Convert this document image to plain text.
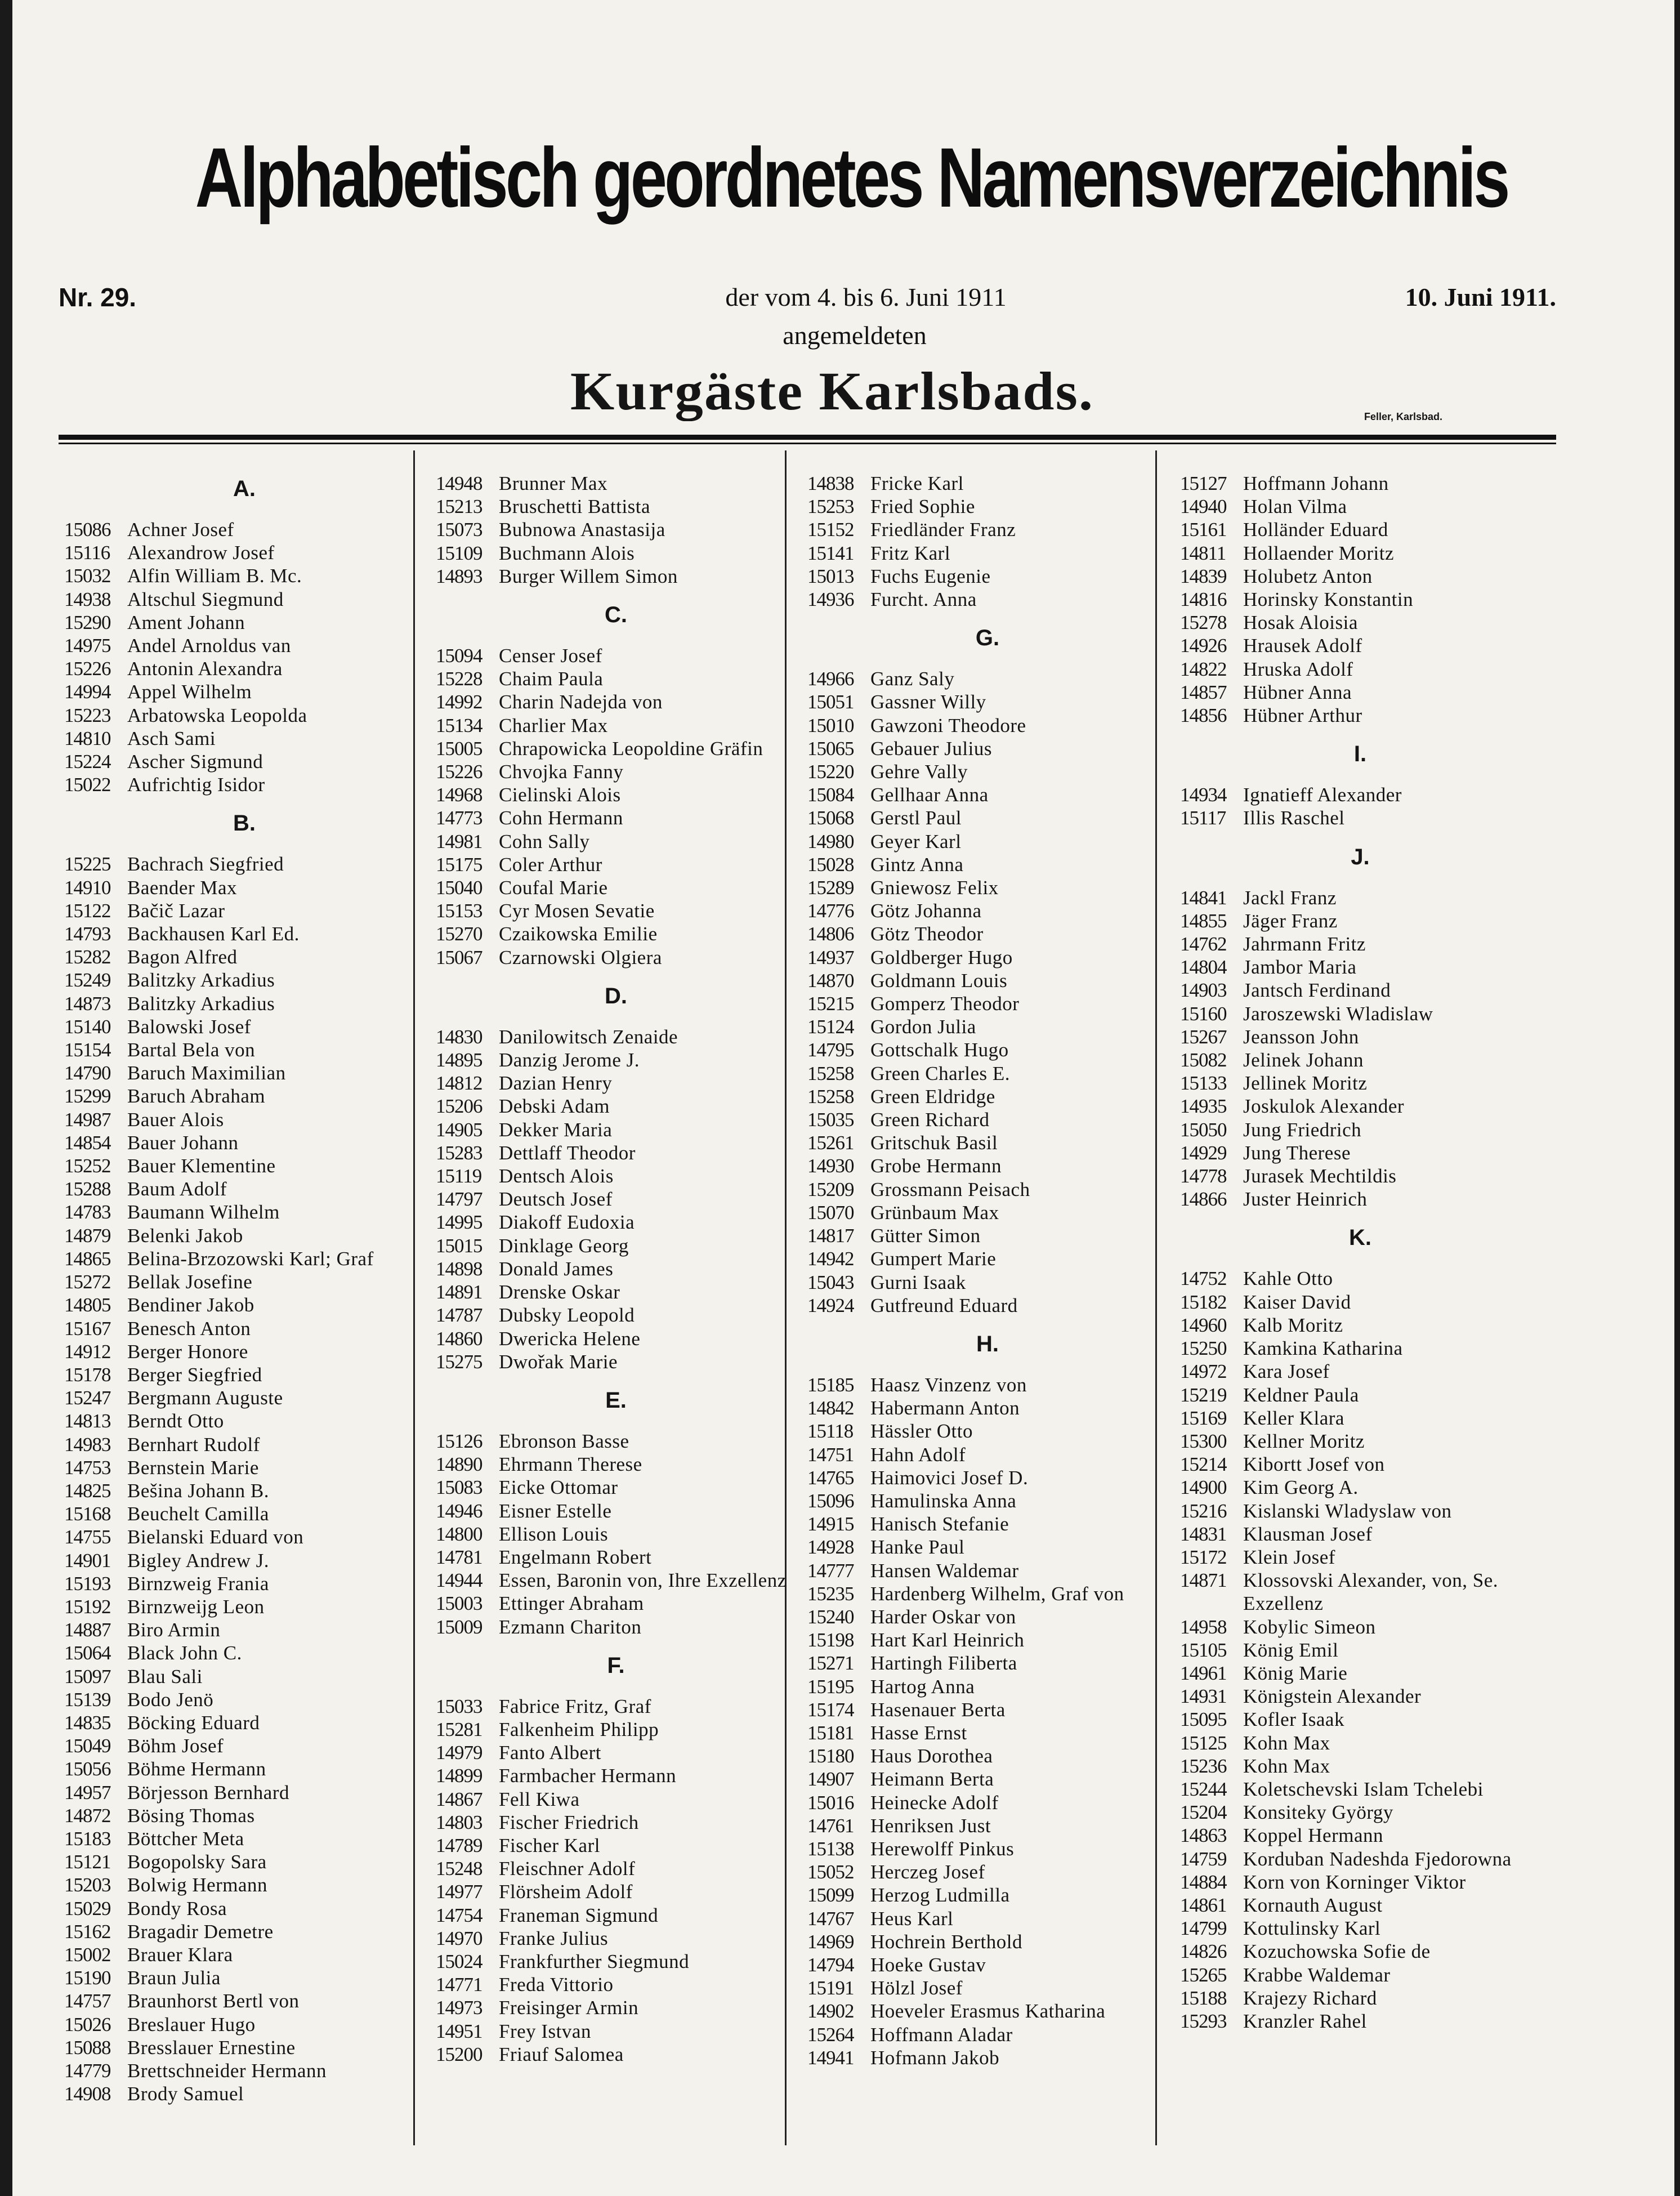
Alphabetisch geordnetes Namensverzeichnis
Nr. 29.	der vom 4. bis 6. Juni 1911	10. Juni 1911.
angemeldeten
Kurgäste Karlsbads.	Feller, Karlsbad.
A.
15086 Achner Josef
15116 Alexandrow Josef
15032 Alfin William B. Mc.
14938 Altschul Siegmund
15290 Ament Johann
14975 Andel Arnoldus van
15226 Antonin Alexandra
14994 Appel Wilhelm
15223 Arbatowska Leopolda
14810 Asch Sami
15224 Ascher Sigmund
15022 Aufrichtig Isidor
B.
15225 Bachrach Siegfried
14910 Baender Max
15122 Bačič Lazar
14793 Backhausen Karl Ed.
15282 Bagon Alfred
15249 Balitzky Arkadius
14873 Balitzky Arkadius
15140 Balowski Josef
15154 Bartal Bela von
14790 Baruch Maximilian
15299 Baruch Abraham
14987 Bauer Alois
14854 Bauer Johann
15252 Bauer Klementine
15288 Baum Adolf
14783 Baumann Wilhelm
14879 Belenki Jakob
14865 Belina-Brzozowski Karl; Graf
15272 Bellak Josefine
14805 Bendiner Jakob
15167 Benesch Anton
14912 Berger Honore
15178 Berger Siegfried
15247 Bergmann Auguste
14813 Berndt Otto
14983 Bernhart Rudolf
14753 Bernstein Marie
14825 Bešina Johann B.
15168 Beuchelt Camilla
14755 Bielanski Eduard von
14901 Bigley Andrew J.
15193 Birnzweig Frania
15192 Birnzweijg Leon
14887 Biro Armin
15064 Black John C.
15097 Blau Sali
15139 Bodo Jenö
14835 Böcking Eduard
15049 Böhm Josef
15056 Böhme Hermann
14957 Börjesson Bernhard
14872 Bösing Thomas
15183 Böttcher Meta
15121 Bogopolsky Sara
15203 Bolwig Hermann
15029 Bondy Rosa
15162 Bragadir Demetre
15002 Brauer Klara
15190 Braun Julia
14757 Braunhorst Bertl von
15026 Breslauer Hugo
15088 Bresslauer Ernestine
14779 Brettschneider Hermann
14908 Brody Samuel
14948 Brunner Max
15213 Bruschetti Battista
15073 Bubnowa Anastasija
15109 Buchmann Alois
14893 Burger Willem Simon
C.
15094 Censer Josef
15228 Chaim Paula
14992 Charin Nadejda von
15134 Charlier Max
15005 Chrapowicka Leopoldine Gräfin
15226 Chvojka Fanny
14968 Cielinski Alois
14773 Cohn Hermann
14981 Cohn Sally
15175 Coler Arthur
15040 Coufal Marie
15153 Cyr Mosen Sevatie
15270 Czaikowska Emilie
15067 Czarnowski Olgiera
D.
14830 Danilowitsch Zenaide
14895 Danzig Jerome J.
14812 Dazian Henry
15206 Debski Adam
14905 Dekker Maria
15283 Dettlaff Theodor
15119 Dentsch Alois
14797 Deutsch Josef
14995 Diakoff Eudoxia
15015 Dinklage Georg
14898 Donald James
14891 Drenske Oskar
14787 Dubsky Leopold
14860 Dwericka Helene
15275 Dwořak Marie
E.
15126 Ebronson Basse
14890 Ehrmann Therese
15083 Eicke Ottomar
14946 Eisner Estelle
14800 Ellison Louis
14781 Engelmann Robert
14944 Essen, Baronin von, Ihre Exzellenz
15003 Ettinger Abraham
15009 Ezmann Chariton
F.
15033 Fabrice Fritz, Graf
15281 Falkenheim Philipp
14979 Fanto Albert
14899 Farmbacher Hermann
14867 Fell Kiwa
14803 Fischer Friedrich
14789 Fischer Karl
15248 Fleischner Adolf
14977 Flörsheim Adolf
14754 Franeman Sigmund
14970 Franke Julius
15024 Frankfurther Siegmund
14771 Freda Vittorio
14973 Freisinger Armin
14951 Frey Istvan
15200 Friauf Salomea
14838 Fricke Karl
15253 Fried Sophie
15152 Friedländer Franz
15141 Fritz Karl
15013 Fuchs Eugenie
14936 Furcht. Anna
G.
14966 Ganz Saly
15051 Gassner Willy
15010 Gawzoni Theodore
15065 Gebauer Julius
15220 Gehre Vally
15084 Gellhaar Anna
15068 Gerstl Paul
14980 Geyer Karl
15028 Gintz Anna
15289 Gniewosz Felix
14776 Götz Johanna
14806 Götz Theodor
14937 Goldberger Hugo
14870 Goldmann Louis
15215 Gomperz Theodor
15124 Gordon Julia
14795 Gottschalk Hugo
15258 Green Charles E.
15258 Green Eldridge
15035 Green Richard
15261 Gritschuk Basil
14930 Grobe Hermann
15209 Grossmann Peisach
15070 Grünbaum Max
14817 Gütter Simon
14942 Gumpert Marie
15043 Gurni Isaak
14924 Gutfreund Eduard
H.
15185 Haasz Vinzenz von
14842 Habermann Anton
15118 Hässler Otto
14751 Hahn Adolf
14765 Haimovici Josef D.
15096 Hamulinska Anna
14915 Hanisch Stefanie
14928 Hanke Paul
14777 Hansen Waldemar
15235 Hardenberg Wilhelm, Graf von
15240 Harder Oskar von
15198 Hart Karl Heinrich
15271 Hartingh Filiberta
15195 Hartog Anna
15174 Hasenauer Berta
15181 Hasse Ernst
15180 Haus Dorothea
14907 Heimann Berta
15016 Heinecke Adolf
14761 Henriksen Just
15138 Herewolff Pinkus
15052 Herczeg Josef
15099 Herzog Ludmilla
14767 Heus Karl
14969 Hochrein Berthold
14794 Hoeke Gustav
15191 Hölzl Josef
14902 Hoeveler Erasmus Katharina
15264 Hoffmann Aladar
14941 Hofmann Jakob
15127 Hoffmann Johann
14940 Holan Vilma
15161 Holländer Eduard
14811 Hollaender Moritz
14839 Holubetz Anton
14816 Horinsky Konstantin
15278 Hosak Aloisia
14926 Hrausek Adolf
14822 Hruska Adolf
14857 Hübner Anna
14856 Hübner Arthur
I.
14934 Ignatieff Alexander
15117 Illis Raschel
J.
14841 Jackl Franz
14855 Jäger Franz
14762 Jahrmann Fritz
14804 Jambor Maria
14903 Jantsch Ferdinand
15160 Jaroszewski Wladislaw
15267 Jeansson John
15082 Jelinek Johann
15133 Jellinek Moritz
14935 Joskulok Alexander
15050 Jung Friedrich
14929 Jung Therese
14778 Jurasek Mechtildis
14866 Juster Heinrich
K.
14752 Kahle Otto
15182 Kaiser David
14960 Kalb Moritz
15250 Kamkina Katharina
14972 Kara Josef
15219 Keldner Paula
15169 Keller Klara
15300 Kellner Moritz
15214 Kibortt Josef von
14900 Kim Georg A.
15216 Kislanski Wladyslaw von
14831 Klausman Josef
15172 Klein Josef
14871 Klossovski Alexander, von, Se. Exzellenz
14958 Kobylic Simeon
15105 König Emil
14961 König Marie
14931 Königstein Alexander
15095 Kofler Isaak
15125 Kohn Max
15236 Kohn Max
15244 Koletschevski Islam Tchelebi
15204 Konsiteky György
14863 Koppel Hermann
14759 Korduban Nadeshda Fjedorowna
14884 Korn von Korninger Viktor
14861 Kornauth August
14799 Kottulinsky Karl
14826 Kozuchowska Sofie de
15265 Krabbe Waldemar
15188 Krajezy Richard
15293 Kranzler Rahel
